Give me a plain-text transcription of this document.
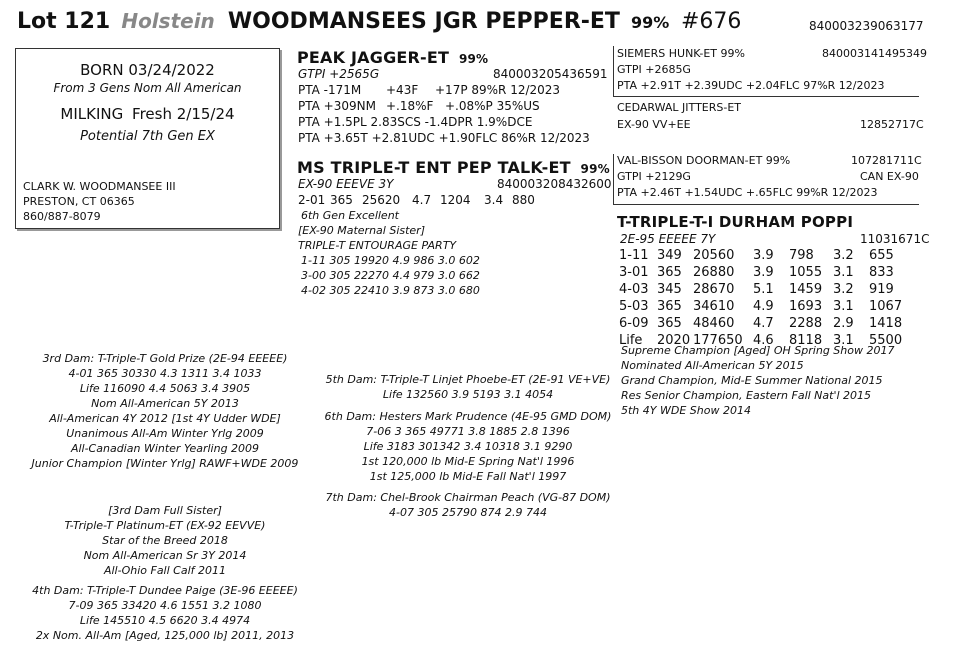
Lot 121 Holstein WOODMANSEES JGR PEPPER-ET 99% #676	840003239063177
BORN 03/24/2022
From 3 Gens Nom All American
MILKING Fresh 2/15/24
Potential 7th Gen EX
CLARK W. WOODMANSEE III
PRESTON, CT 06365
860/887-8079
PEAK JAGGER-ET 99%
GTPI +2565G	840003205436591
PTA -171M +43F +17P 89%R 12/2023
PTA +309NM +.18%F +.08%P 35%US
PTA +1.5PL 2.83SCS -1.4DPR 1.9%DCE
PTA +3.65T +2.81UDC +1.90FLC 86%R 12/2023
MS TRIPLE-T ENT PEP TALK-ET 99%
EX-90 EEEVE 3Y	840003208432600
2-01 365 25620 4.7 1204 3.4 880
6th Gen Excellent
[EX-90 Maternal Sister]
TRIPLE-T ENTOURAGE PARTY
1-11 305 19920 4.9 986 3.0 602
3-00 305 22270 4.4 979 3.0 662
4-02 305 22410 3.9 873 3.0 680
SIEMERS HUNK-ET 99%	840003141495349
GTPI +2685G
PTA +2.91T +2.39UDC +2.04FLC 97%R 12/2023
CEDARWAL JITTERS-ET
EX-90 VV+EE	12852717C
VAL-BISSON DOORMAN-ET 99%	107281711C
GTPI +2129G	CAN EX-90
PTA +2.46T +1.54UDC +.65FLC 99%R 12/2023
T-TRIPLE-T-I DURHAM POPPI
2E-95 EEEEE 7Y	11031671C
1-11 349 20560	3.9	798	3.2	655
3-01 365 26880	3.9	1055 3.1	833
4-03 345 28670	5.1	1459 3.2	919
5-03 365 34610	4.9	1693 3.1	1067
6-09 365 48460	4.7	2288 2.9	1418
Life	2020 177650 4.6	8118 3.1	5500
Supreme Champion [Aged] OH Spring Show 2017
Nominated All-American 5Y 2015
Grand Champion, Mid-E Summer National 2015
Res Senior Champion, Eastern Fall Nat'l 2015
5th 4Y WDE Show 2014
3rd Dam: T-Triple-T Gold Prize (2E-94 EEEEE)
4-01 365 30330 4.3 1311 3.4 1033
Life 116090 4.4 5063 3.4 3905
Nom All-American 5Y 2013
All-American 4Y 2012 [1st 4Y Udder WDE]
Unanimous All-Am Winter Yrlg 2009
All-Canadian Winter Yearling 2009
Junior Champion [Winter Yrlg] RAWF+WDE 2009
[3rd Dam Full Sister]
T-Triple-T Platinum-ET (EX-92 EEVVE)
Star of the Breed 2018
Nom All-American Sr 3Y 2014
All-Ohio Fall Calf 2011
4th Dam: T-Triple-T Dundee Paige (3E-96 EEEEE)
7-09 365 33420 4.6 1551 3.2 1080
Life 145510 4.5 6620 3.4 4974
2x Nom. All-Am [Aged, 125,000 lb] 2011, 2013
5th Dam: T-Triple-T Linjet Phoebe-ET (2E-91 VE+VE)
Life 132560 3.9 5193 3.1 4054
6th Dam: Hesters Mark Prudence (4E-95 GMD DOM)
7-06 3 365 49771 3.8 1885 2.8 1396
Life 3183 301342 3.4 10318 3.1 9290
1st 120,000 lb Mid-E Spring Nat'l 1996
1st 125,000 lb Mid-E Fall Nat'l 1997
7th Dam: Chel-Brook Chairman Peach (VG-87 DOM)
4-07 305 25790 874 2.9 744
